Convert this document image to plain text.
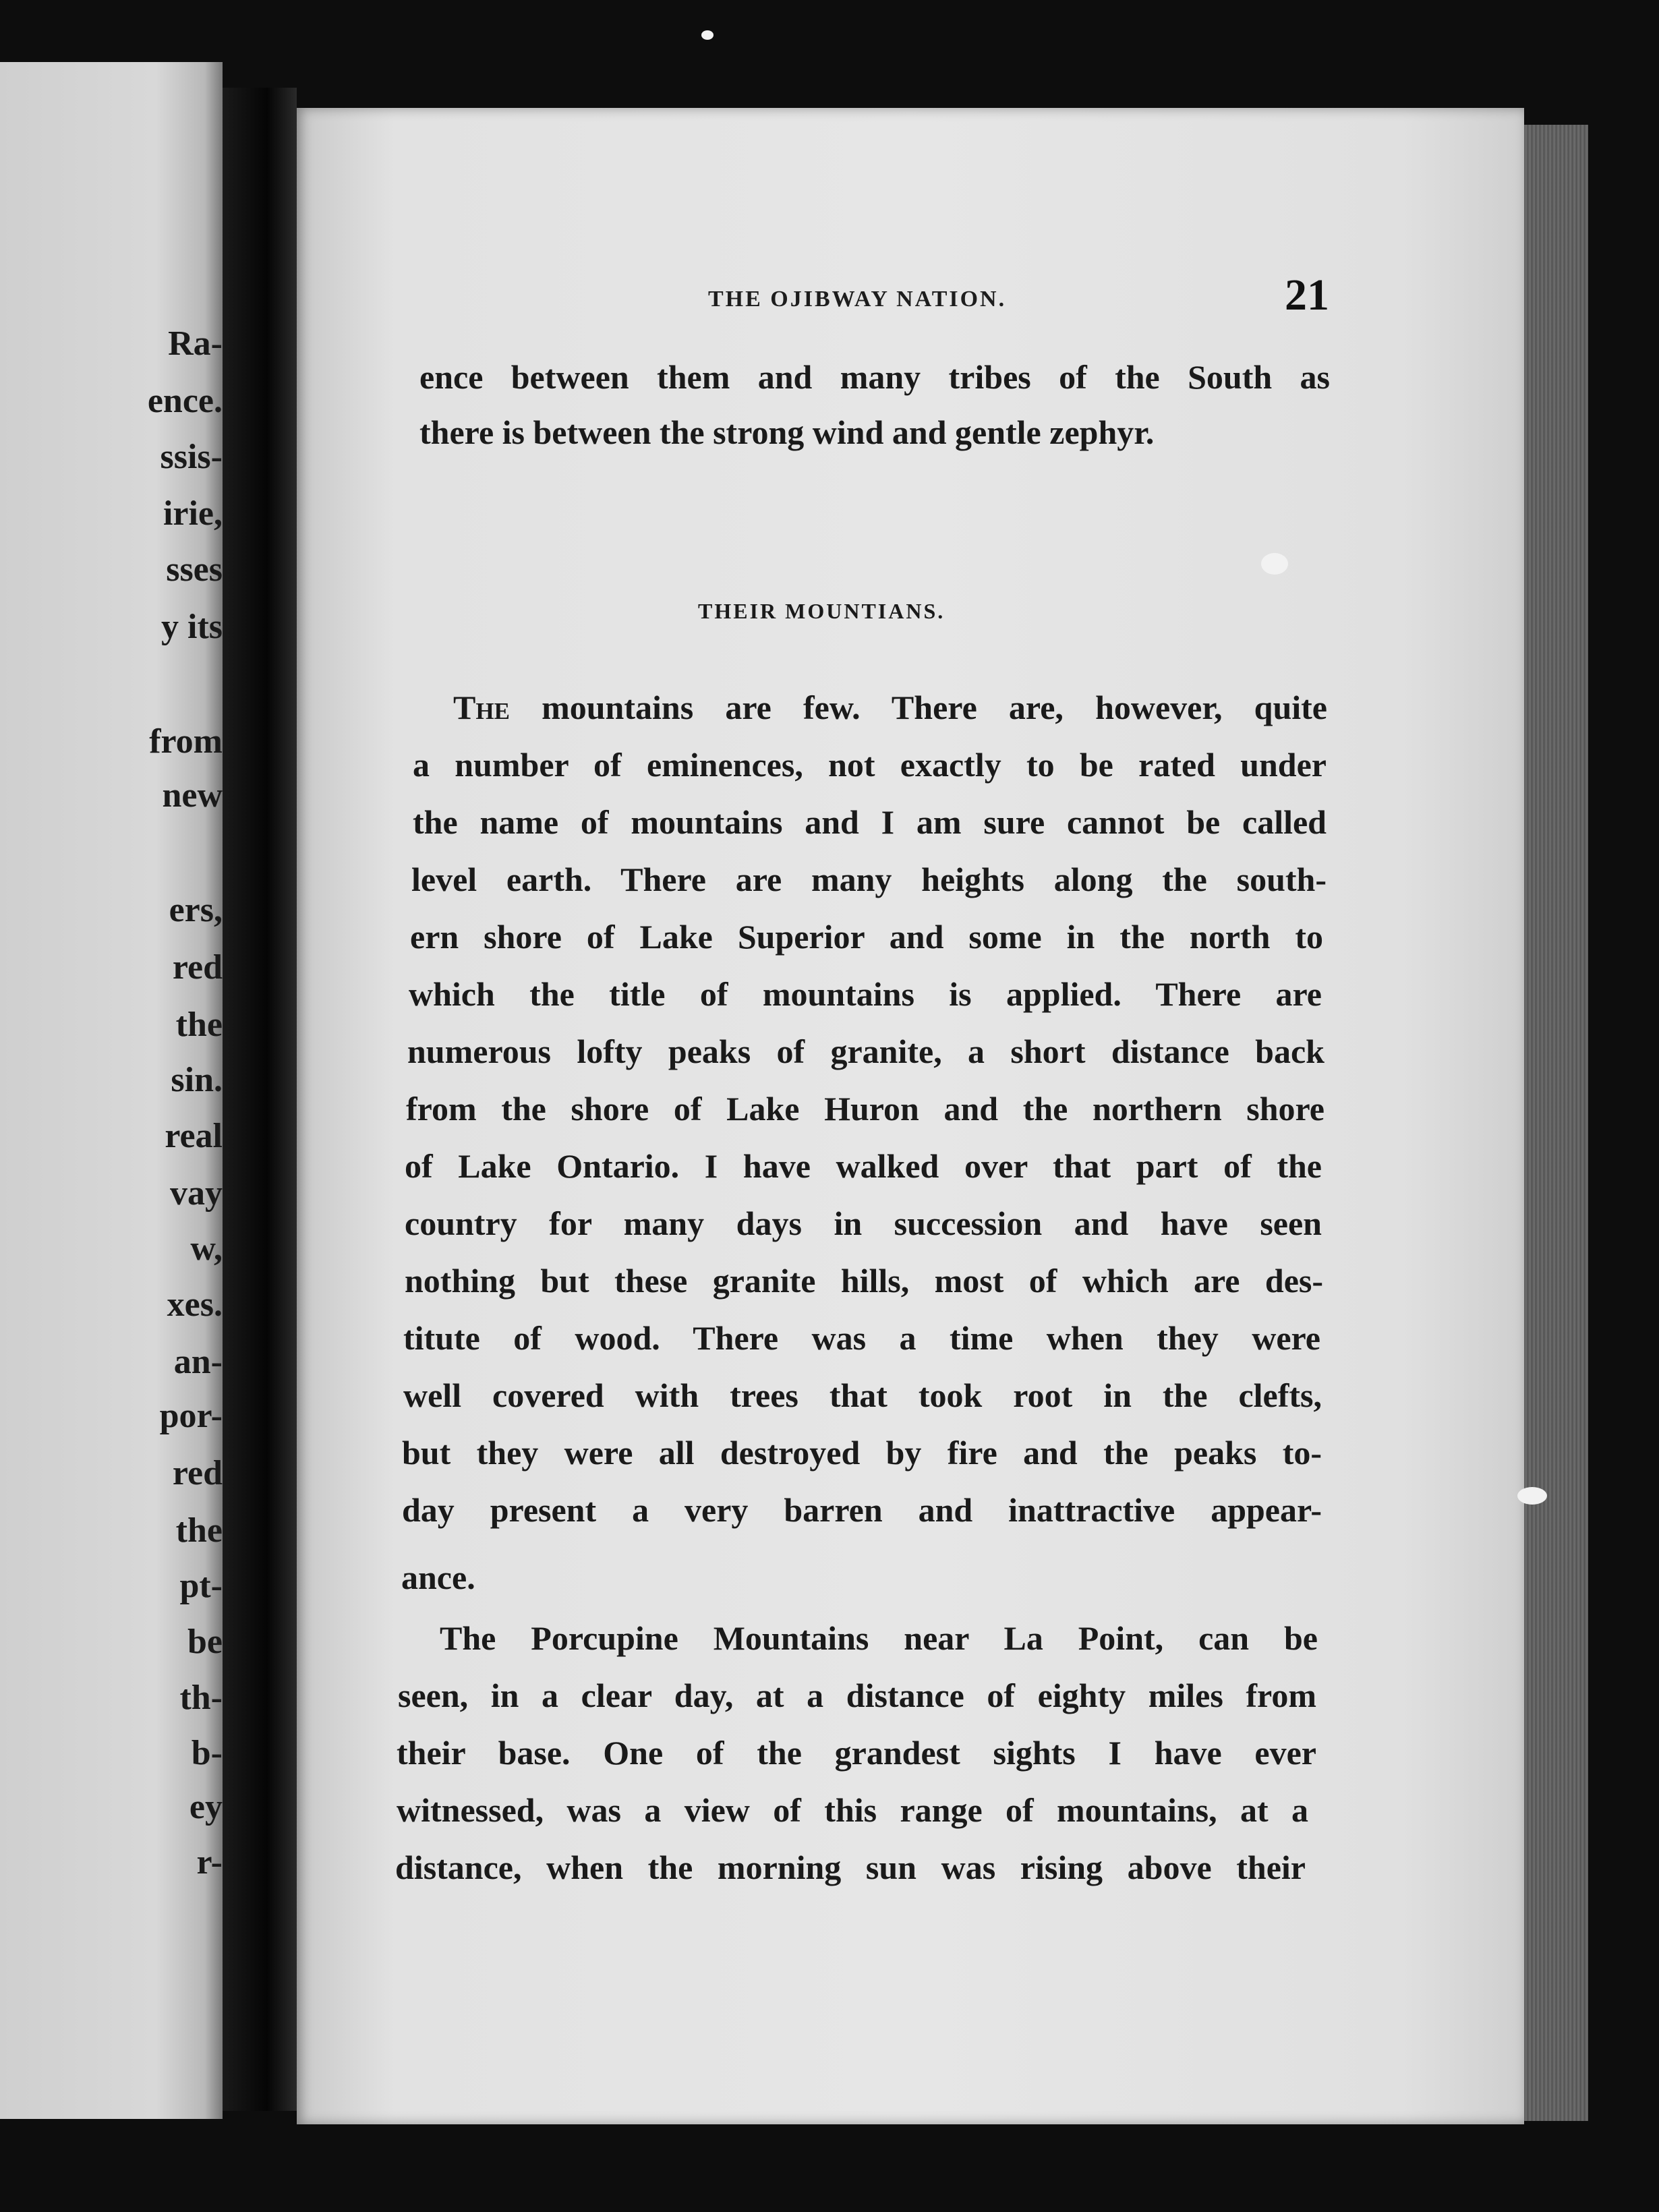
Ra-
ence.
ssis-
irie,
sses
y its
from
new
ers,
red
the
sin.
real
vay
w,
xes.
an-
por-
red
the
pt-
be
th-
b-
ey
r-
THE OJIBWAY NATION.	21
ence between them and many tribes of the South as
there is between the strong wind and gentle zephyr.
THEIR MOUNTIANS.
The mountains are few. There are, however, quite
a number of eminences, not exactly to be rated under
the name of mountains and I am sure cannot be called
level earth. There are many heights along the south-
ern shore of Lake Superior and some in the north to
which the title of mountains is applied. There are
numerous lofty peaks of granite, a short distance back
from the shore of Lake Huron and the northern shore
of Lake Ontario. I have walked over that part of the
country for many days in succession and have seen
nothing but these granite hills, most of which are des-
titute of wood. There was a time when they were
well covered with trees that took root in the clefts,
but they were all destroyed by fire and the peaks to-
day present a very barren and inattractive appear-
ance.
The Porcupine Mountains near La Point, can be
seen, in a clear day, at a distance of eighty miles from
their base. One of the grandest sights I have ever
witnessed, was a view of this range of mountains, at a
distance, when the morning sun was rising above their
